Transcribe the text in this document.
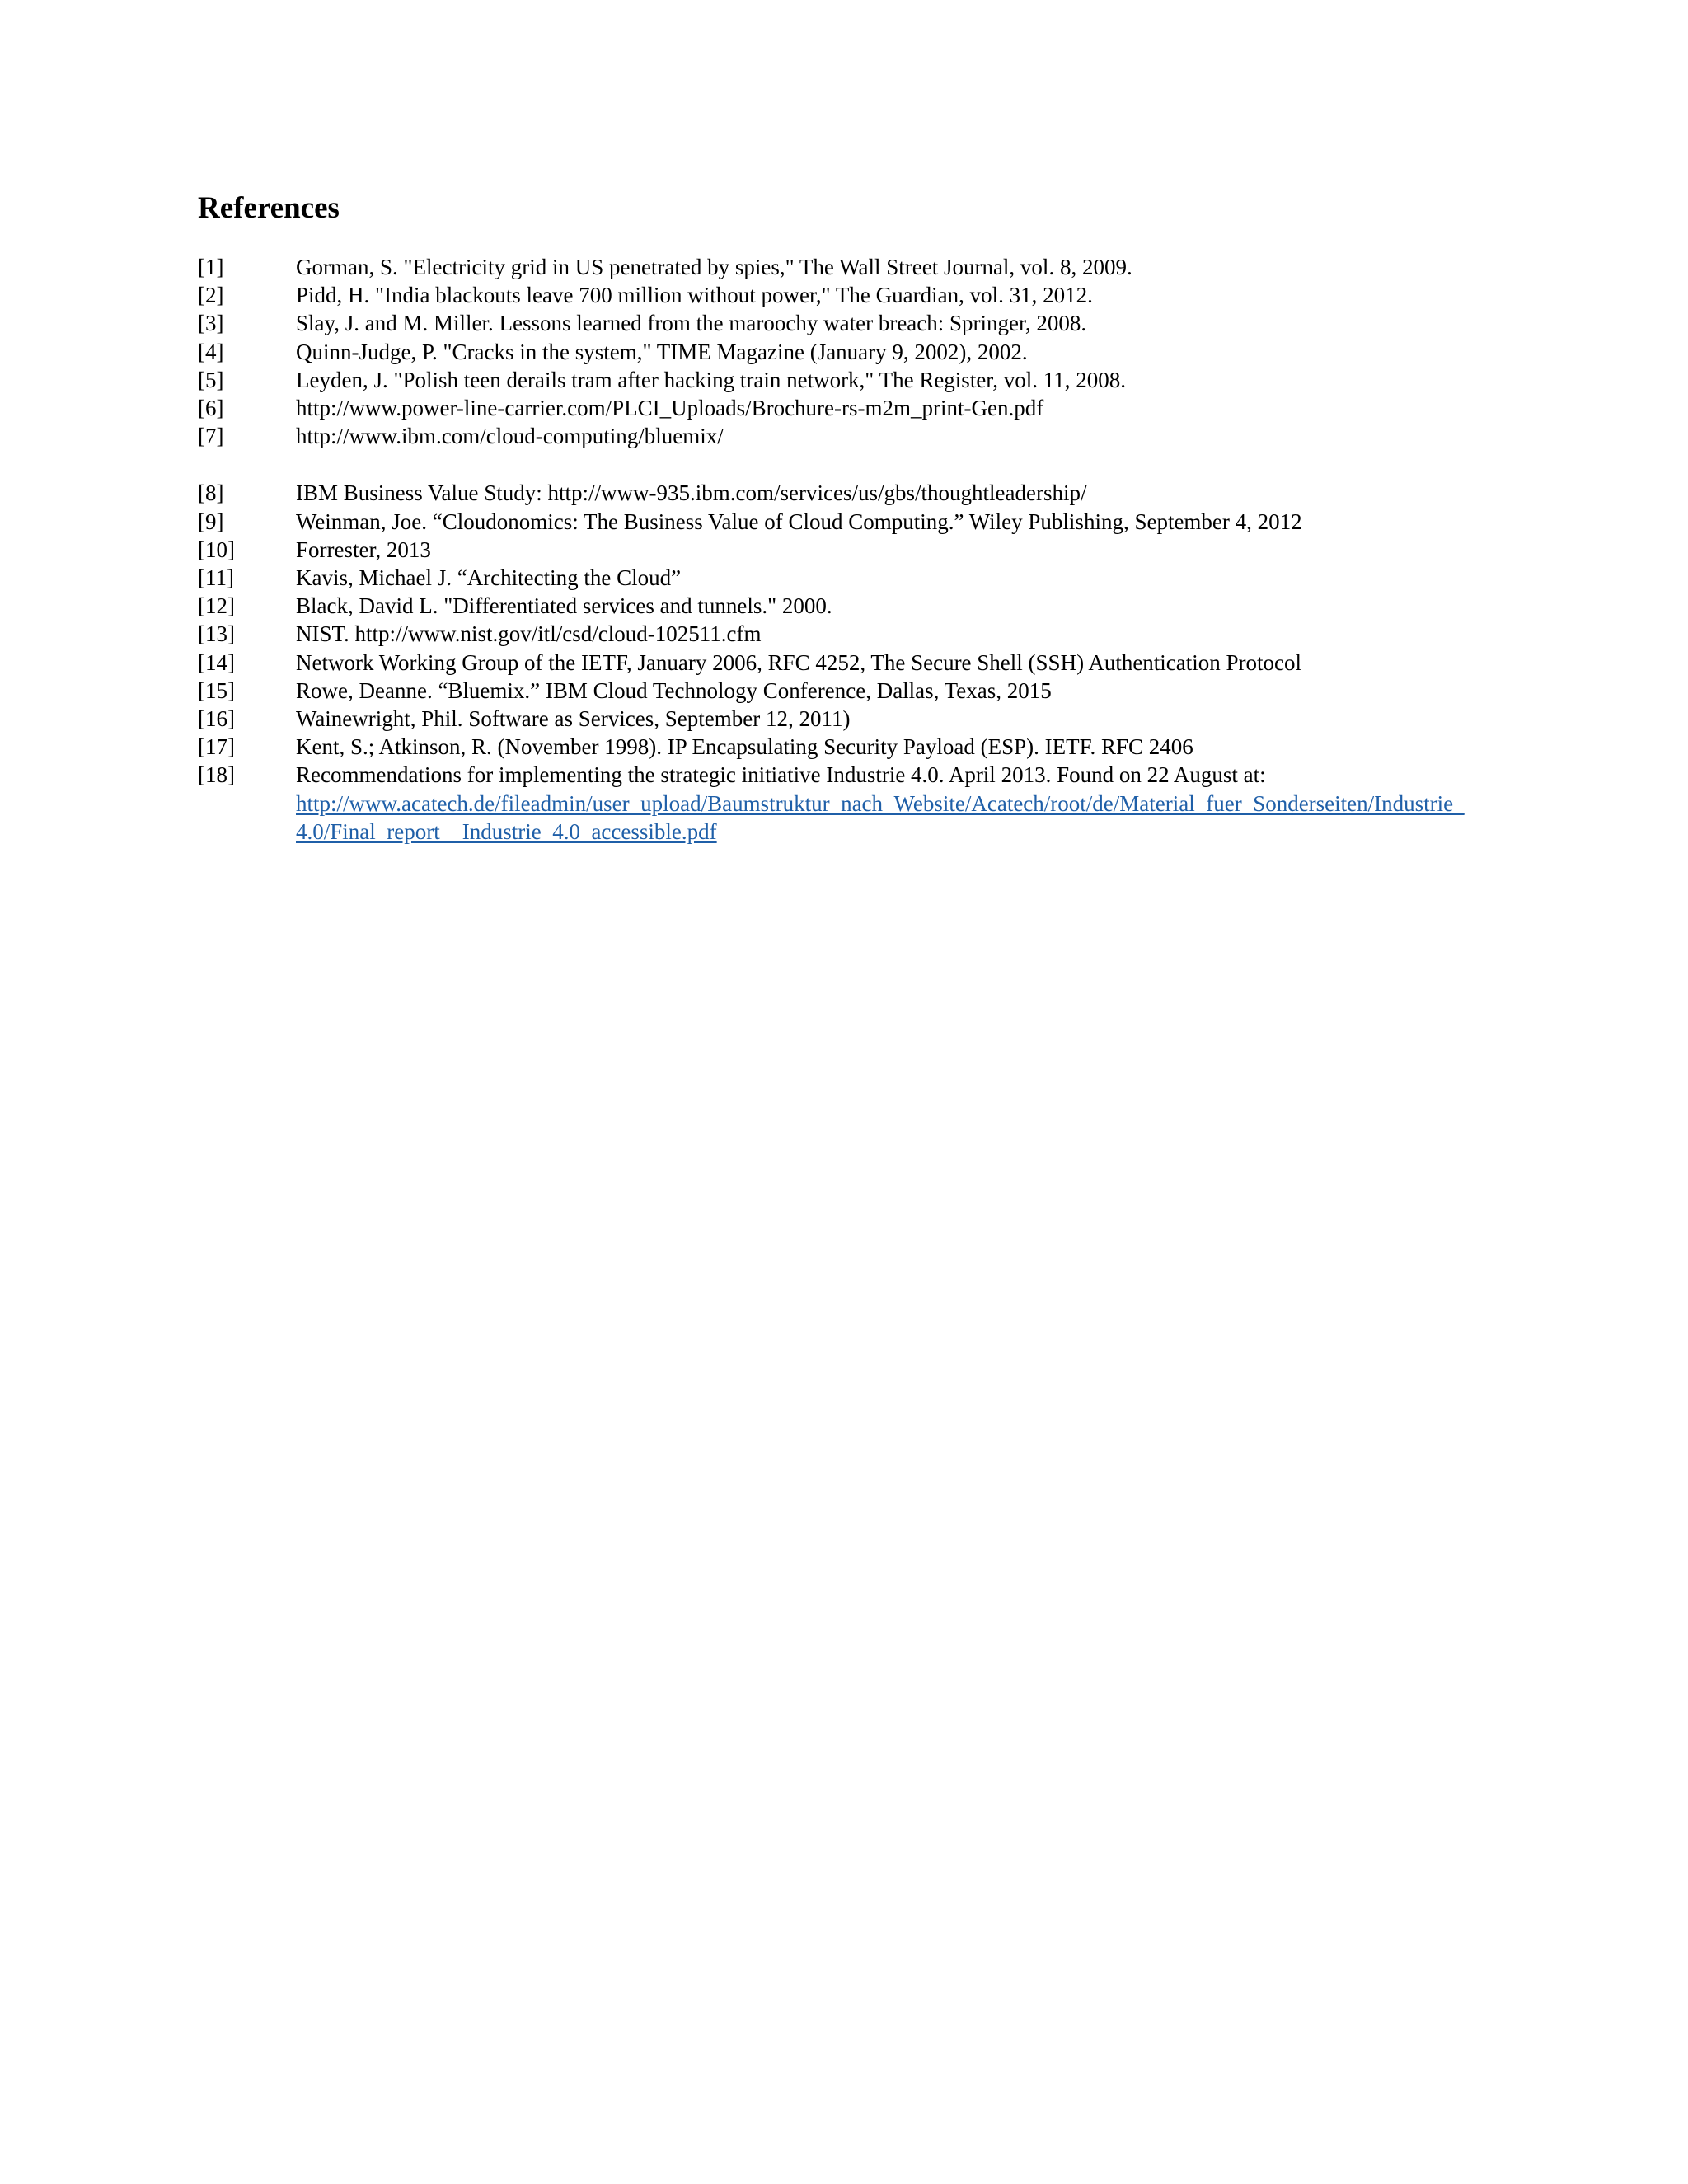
References
[1]	Gorman, S. "Electricity grid in US penetrated by spies," The Wall Street Journal, vol. 8, 2009.
[2]	Pidd, H. "India blackouts leave 700 million without power," The Guardian, vol. 31, 2012.
[3]	Slay, J. and M. Miller. Lessons learned from the maroochy water breach: Springer, 2008.
[4]	Quinn-Judge, P. "Cracks in the system," TIME Magazine (January 9, 2002), 2002.
[5]	Leyden, J. "Polish teen derails tram after hacking train network," The Register, vol. 11, 2008.
[6]	http://www.power-line-carrier.com/PLCI_Uploads/Brochure-rs-m2m_print-Gen.pdf
[7]	http://www.ibm.com/cloud-computing/bluemix/
[8]	IBM Business Value Study: http://www-935.ibm.com/services/us/gbs/thoughtleadership/
[9]	Weinman, Joe. “Cloudonomics: The Business Value of Cloud Computing.” Wiley Publishing, September 4, 2012
[10]	Forrester, 2013
[11]	Kavis, Michael J. “Architecting the Cloud”
[12]	Black, David L. "Differentiated services and tunnels." 2000.
[13]	NIST. http://www.nist.gov/itl/csd/cloud-102511.cfm
[14]	Network Working Group of the IETF, January 2006, RFC 4252, The Secure Shell (SSH) Authentication Protocol
[15]	Rowe, Deanne. “Bluemix.” IBM Cloud Technology Conference, Dallas, Texas, 2015
[16]	Wainewright, Phil. Software as Services, September 12, 2011)
[17]	Kent, S.; Atkinson, R. (November 1998). IP Encapsulating Security Payload (ESP). IETF. RFC 2406
[18]	Recommendations for implementing the strategic initiative Industrie 4.0. April 2013. Found on 22 August at:
http://www.acatech.de/fileadmin/user_upload/Baumstruktur_nach_Website/Acatech/root/de/Material_fuer_Sonderseiten/Industrie_4.0/Final_report__Industrie_4.0_accessible.pdf
